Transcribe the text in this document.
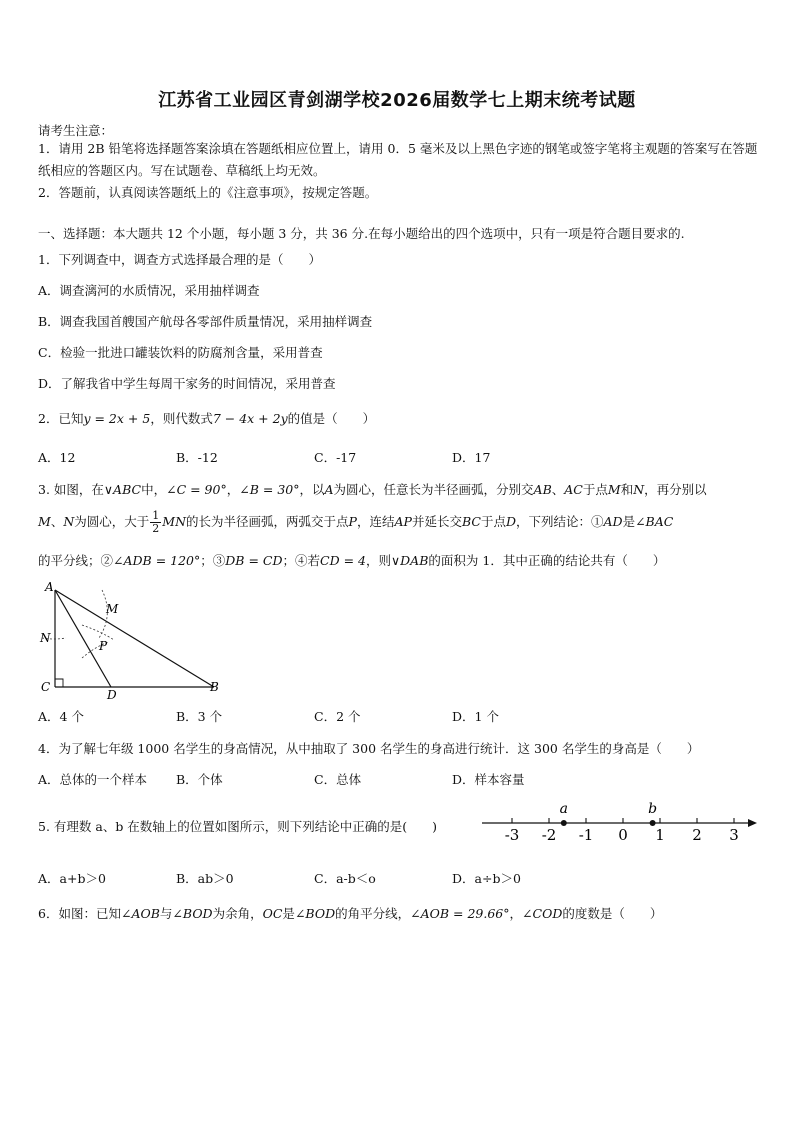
江苏省工业园区青剑湖学校2026届数学七上期末统考试题
请考生注意：
1．请用 2B 铅笔将选择题答案涂填在答题纸相应位置上，请用 0．5 毫米及以上黑色字迹的钢笔或签字笔将主观题的答案写在答题纸相应的答题区内。写在试题卷、草稿纸上均无效。
2．答题前，认真阅读答题纸上的《注意事项》，按规定答题。
一、选择题：本大题共 12 个小题，每小题 3 分，共 36 分.在每小题给出的四个选项中，只有一项是符合题目要求的.
1．下列调查中，调查方式选择最合理的是（　　）
A．调查漓河的水质情况，采用抽样调查
B．调查我国首艘国产航母各零部件质量情况，采用抽样调查
C．检验一批进口罐装饮料的防腐剂含量，采用普查
D．了解我省中学生每周干家务的时间情况，采用普查
2．已知y = 2x + 5，则代数式7 − 4x + 2y的值是（　　）
A．12	B．-12	C．-17	D．17
3. 如图，在∨ABC中，∠C = 90°，∠B = 30°，以A为圆心，任意长为半径画弧，分别交AB、AC于点M和N，再分别以
M、N为圆心，大于 $\frac{1}{2}$ MN的长为半径画弧，两弧交于点P，连结AP并延长交BC于点D，下列结论：①AD是∠BAC
的平分线；②∠ADB = 120°；③DB = CD；④若CD = 4，则∨DAB的面积为 1．其中正确的结论共有（　　）
A
M
N
P
C
D
B
A．4 个	B．3 个	C．2 个	D．1 个
4．为了解七年级 1000 名学生的身高情况，从中抽取了 300 名学生的身高进行统计．这 300 名学生的身高是（　　）
A．总体的一个样本	B．个体	C．总体	D．样本容量
5. 有理数 a、b 在数轴上的位置如图所示，则下列结论中正确的是(　　)	-3 -2 -1 0 1 2 3
a	b
A．a+b＞0	B．ab＞0	C．a-b＜o	D．a÷b＞0
6．如图：已知∠AOB与∠BOD为余角，OC是∠BOD的角平分线，∠AOB = 29.66°，∠COD的度数是（　　）
